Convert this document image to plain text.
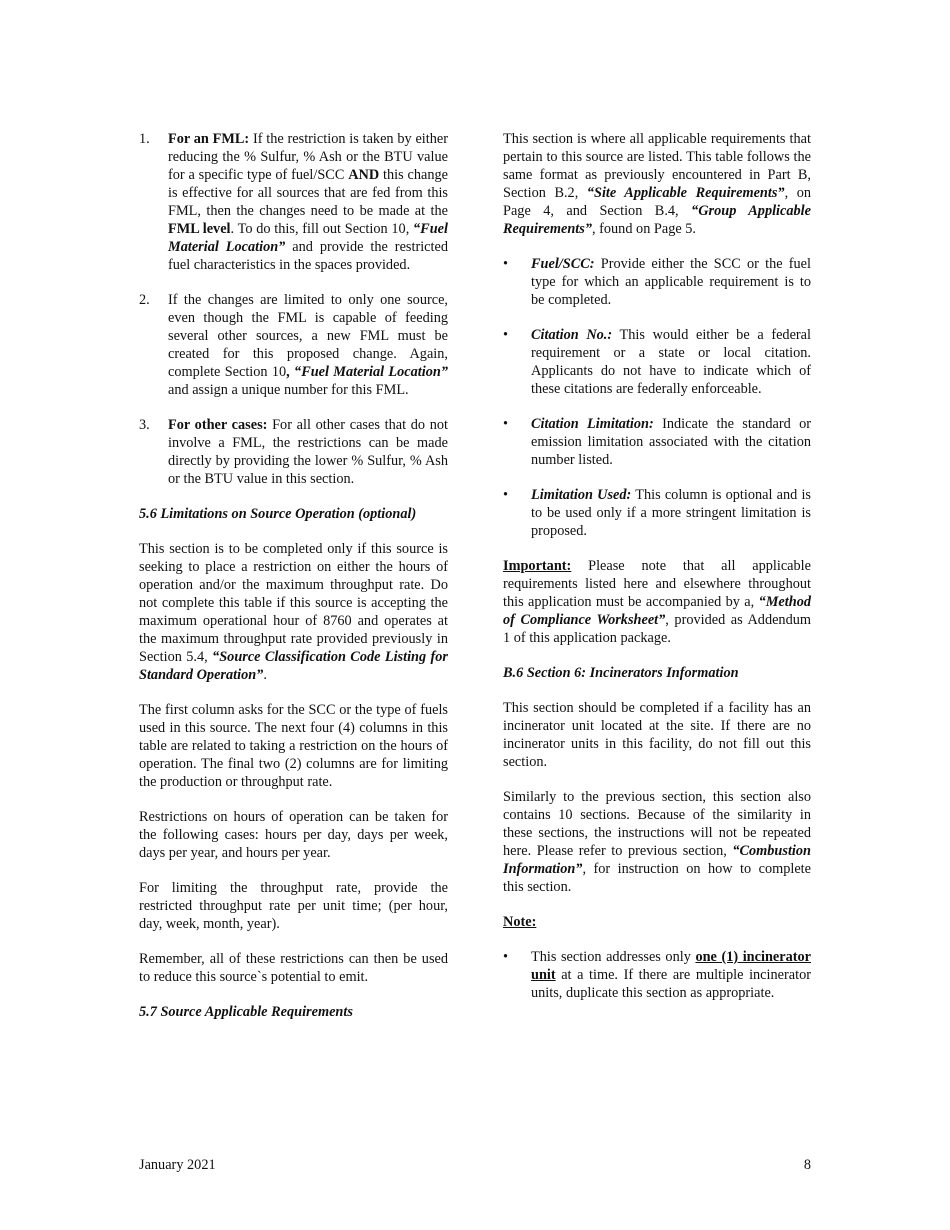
1. For an FML: If the restriction is taken by either reducing the % Sulfur, % Ash or the BTU value for a specific type of fuel/SCC AND this change is effective for all sources that are fed from this FML, then the changes need to be made at the FML level. To do this, fill out Section 10, “Fuel Material Location” and provide the restricted fuel characteristics in the spaces provided.
2. If the changes are limited to only one source, even though the FML is capable of feeding several other sources, a new FML must be created for this proposed change. Again, complete Section 10, “Fuel Material Location” and assign a unique number for this FML.
3. For other cases: For all other cases that do not involve a FML, the restrictions can be made directly by providing the lower % Sulfur, % Ash or the BTU value in this section.
5.6 Limitations on Source Operation (optional)

This section is to be completed only if this source is seeking to place a restriction on either the hours of operation and/or the maximum throughput rate. Do not complete this table if this source is accepting the maximum operational hour of 8760 and operates at the maximum throughput rate provided previously in Section 5.4, “Source Classification Code Listing for Standard Operation”.

The first column asks for the SCC or the type of fuels used in this source. The next four (4) columns in this table are related to taking a restriction on the hours of operation. The final two (2) columns are for limiting the production or throughput rate.

Restrictions on hours of operation can be taken for the following cases: hours per day, days per week, days per year, and hours per year.

For limiting the throughput rate, provide the restricted throughput rate per unit time; (per hour, day, week, month, year).

Remember, all of these restrictions can then be used to reduce this source`s potential to emit.

5.7 Source Applicable Requirements

This section is where all applicable requirements that pertain to this source are listed. This table follows the same format as previously encountered in Part B, Section B.2, “Site Applicable Requirements”, on Page 4, and Section B.4, “Group Applicable Requirements”, found on Page 5.

• Fuel/SCC: Provide either the SCC or the fuel type for which an applicable requirement is to be completed.
• Citation No.: This would either be a federal requirement or a state or local citation. Applicants do not have to indicate which of these citations are federally enforceable.
• Citation Limitation: Indicate the standard or emission limitation associated with the citation number listed.
• Limitation Used: This column is optional and is to be used only if a more stringent limitation is proposed.

Important: Please note that all applicable requirements listed here and elsewhere throughout this application must be accompanied by a, “Method of Compliance Worksheet”, provided as Addendum 1 of this application package.

B.6 Section 6: Incinerators Information

This section should be completed if a facility has an incinerator unit located at the site. If there are no incinerator units in this facility, do not fill out this section.

Similarly to the previous section, this section also contains 10 sections. Because of the similarity in these sections, the instructions will not be repeated here. Please refer to previous section, “Combustion Information”, for instruction on how to complete this section.

Note:

• This section addresses only one (1) incinerator unit at a time. If there are multiple incinerator units, duplicate this section as appropriate.
January 2021	8
